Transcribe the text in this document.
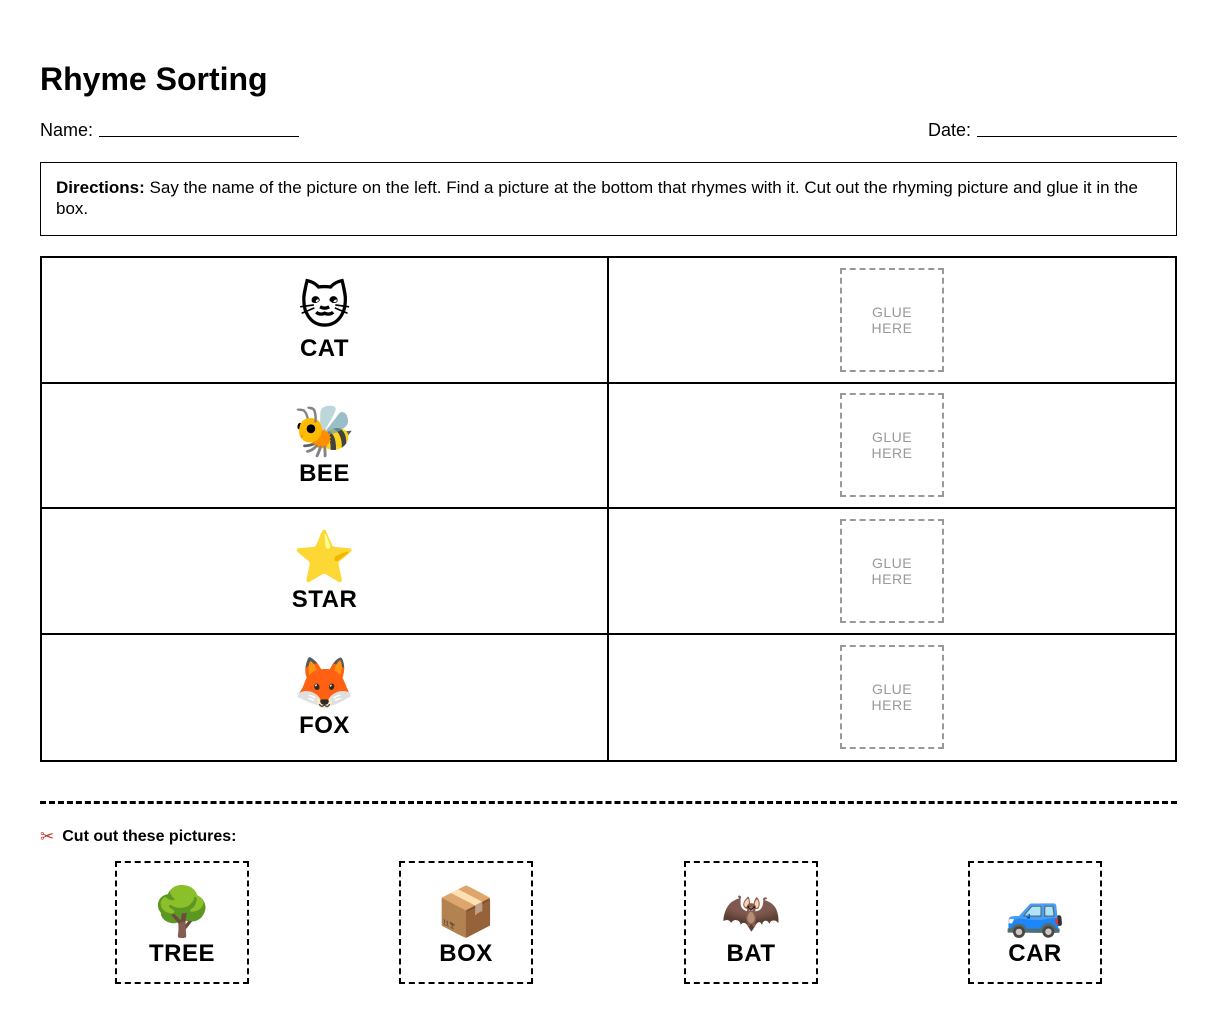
Rhyme Sorting
Name:	Date:
Directions: Say the name of the picture on the left. Find a picture at the bottom that rhymes with it. Cut out the rhyming picture and glue it in the box.
🐱
CAT
GLUE
HERE
🐝
BEE
GLUE
HERE
⭐
STAR
GLUE
HERE
🦊
FOX
GLUE
HERE
✂ Cut out these pictures:
🌳
TREE
📦
BOX
🦇
BAT
🚙
CAR
